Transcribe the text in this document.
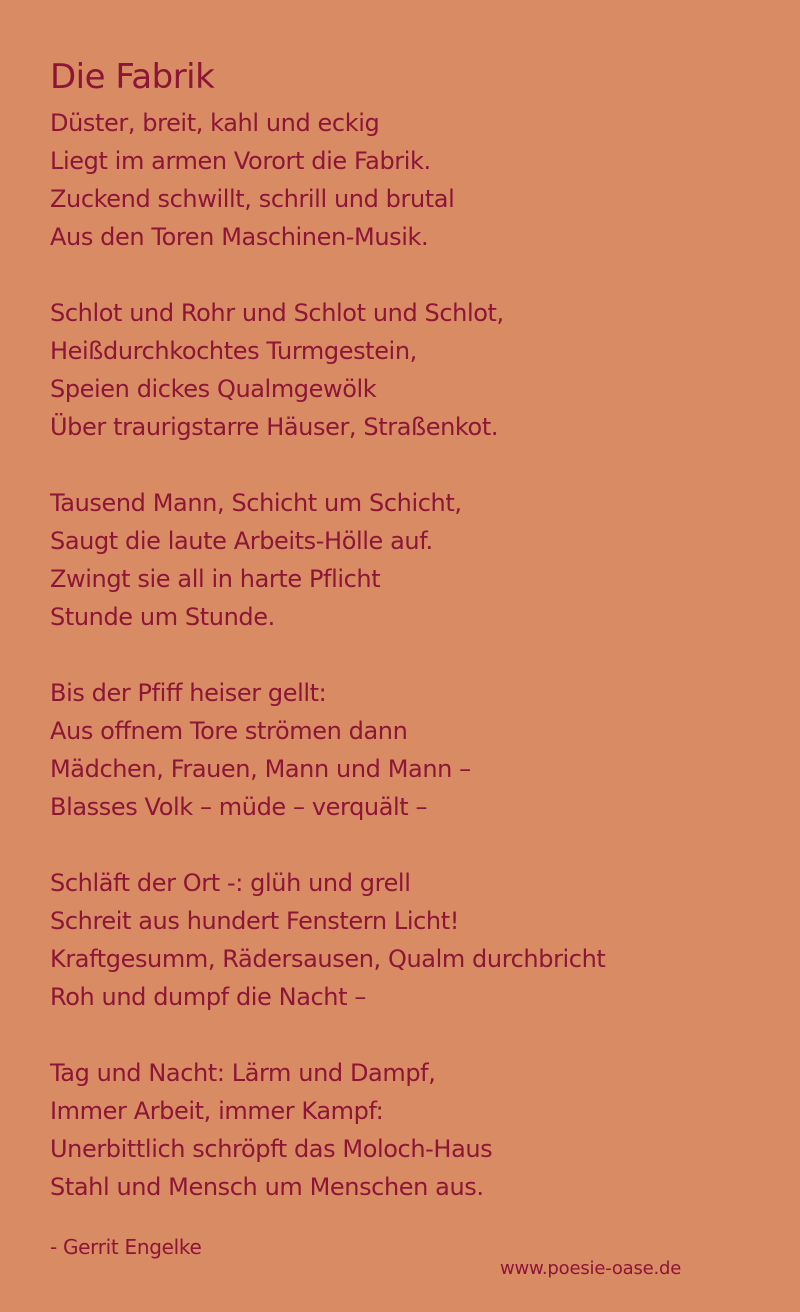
Die Fabrik
Düster, breit, kahl und eckig
Liegt im armen Vorort die Fabrik.
Zuckend schwillt, schrill und brutal
Aus den Toren Maschinen-Musik.
Schlot und Rohr und Schlot und Schlot,
Heißdurchkochtes Turmgestein,
Speien dickes Qualmgewölk
Über traurigstarre Häuser, Straßenkot.
Tausend Mann, Schicht um Schicht,
Saugt die laute Arbeits-Hölle auf.
Zwingt sie all in harte Pflicht
Stunde um Stunde.
Bis der Pfiff heiser gellt:
Aus offnem Tore strömen dann
Mädchen, Frauen, Mann und Mann –
Blasses Volk – müde – verquält –
Schläft der Ort -: glüh und grell
Schreit aus hundert Fenstern Licht!
Kraftgesumm, Rädersausen, Qualm durchbricht
Roh und dumpf die Nacht –
Tag und Nacht: Lärm und Dampf,
Immer Arbeit, immer Kampf:
Unerbittlich schröpft das Moloch-Haus
Stahl und Mensch um Menschen aus.
- Gerrit Engelke
www.poesie-oase.de
